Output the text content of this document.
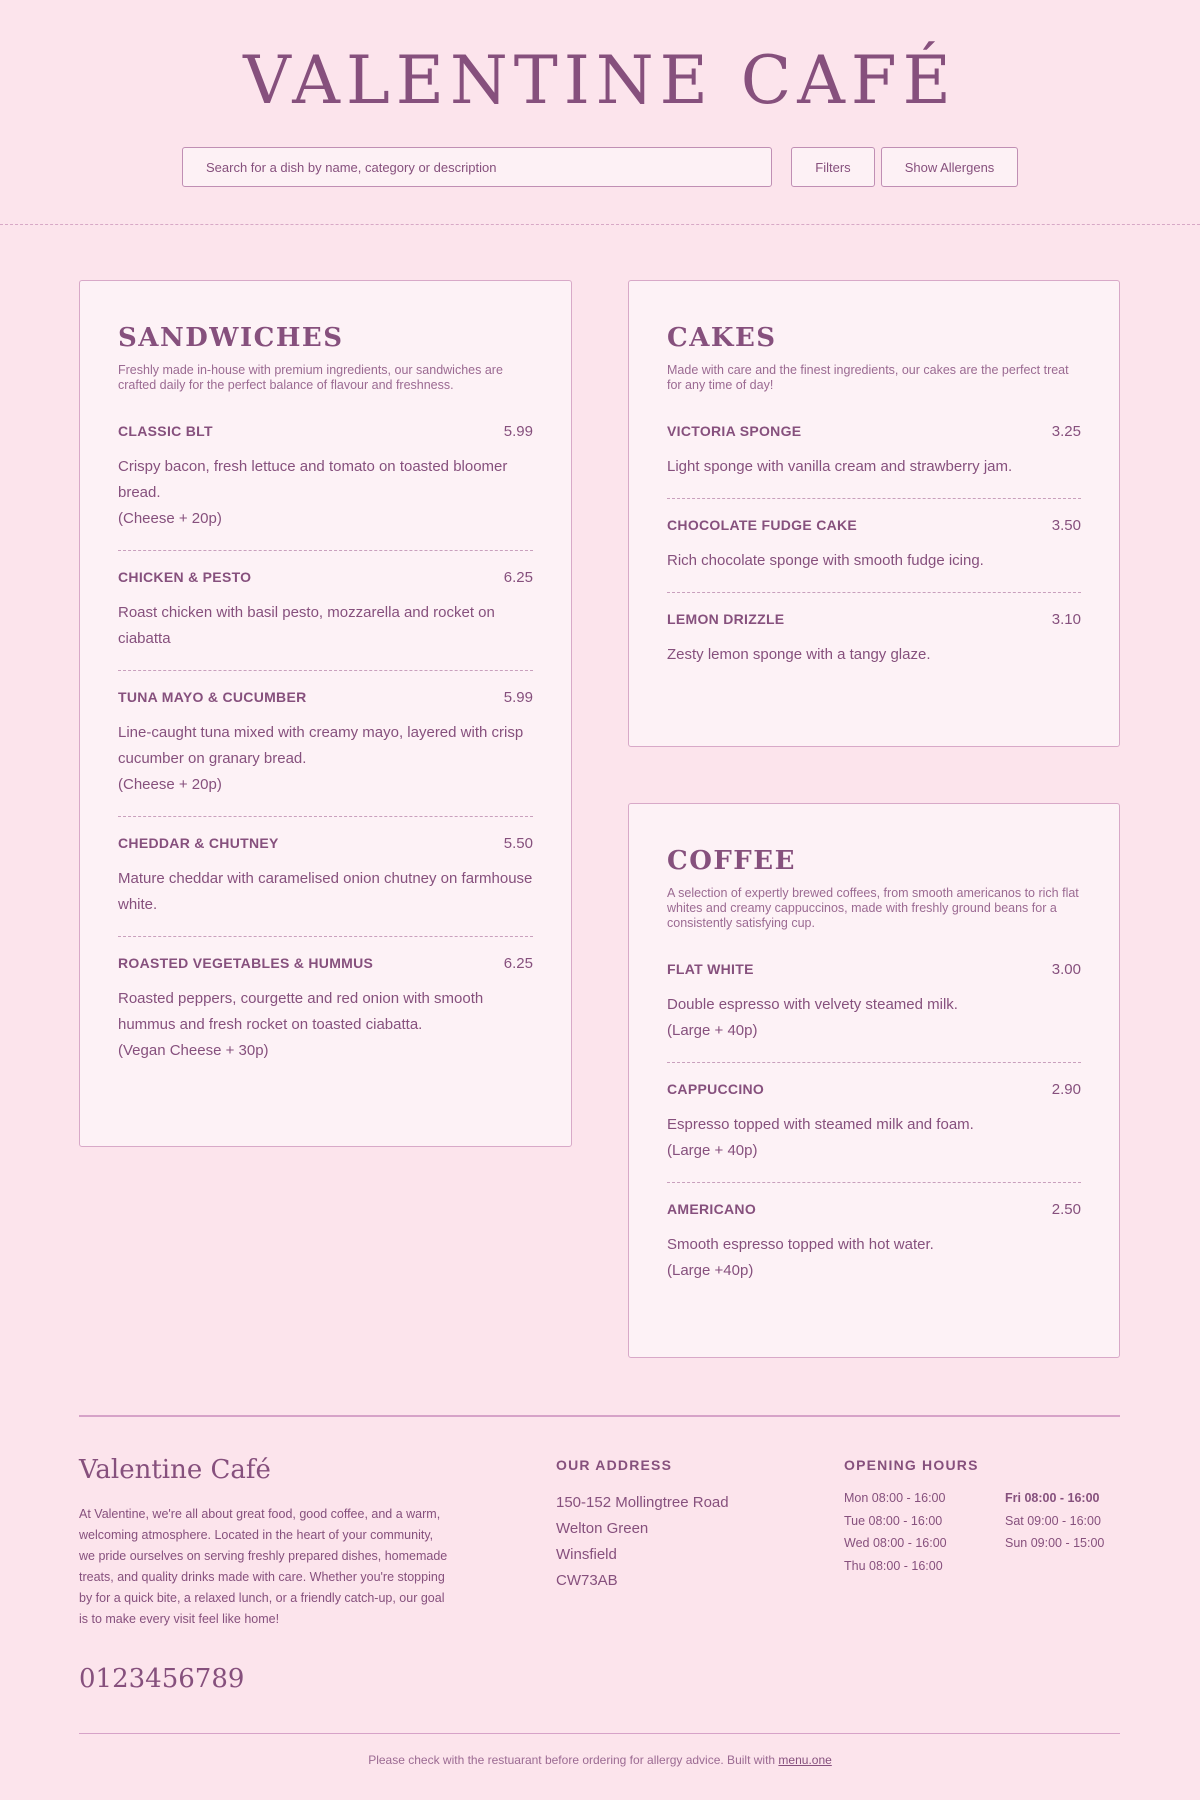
VALENTINE CAFÉ
Search for a dish by name, category or description
Filters	Show Allergens
SANDWICHES

Freshly made in-house with premium ingredients, our sandwiches are crafted daily for the perfect balance of flavour and freshness.

CLASSIC BLT	5.99

Crispy bacon, fresh lettuce and tomato on toasted bloomer bread.

(Cheese + 20p)

CHICKEN & PESTO	6.25

Roast chicken with basil pesto, mozzarella and rocket on ciabatta

TUNA MAYO & CUCUMBER	5.99

Line-caught tuna mixed with creamy mayo, layered with crisp cucumber on granary bread.

(Cheese + 20p)

CHEDDAR & CHUTNEY	5.50

Mature cheddar with caramelised onion chutney on farmhouse white.

ROASTED VEGETABLES & HUMMUS	6.25

Roasted peppers, courgette and red onion with smooth hummus and fresh rocket on toasted ciabatta.

(Vegan Cheese + 30p)

CAKES

Made with care and the finest ingredients, our cakes are the perfect treat for any time of day!

VICTORIA SPONGE	3.25

Light sponge with vanilla cream and strawberry jam.

CHOCOLATE FUDGE CAKE	3.50

Rich chocolate sponge with smooth fudge icing.

LEMON DRIZZLE	3.10

Zesty lemon sponge with a tangy glaze.

COFFEE

A selection of expertly brewed coffees, from smooth americanos to rich flat whites and creamy cappuccinos, made with freshly ground beans for a consistently satisfying cup.

FLAT WHITE	3.00

Double espresso with velvety steamed milk.

(Large + 40p)

CAPPUCCINO	2.90

Espresso topped with steamed milk and foam.

(Large + 40p)

AMERICANO	2.50

Smooth espresso topped with hot water.

(Large +40p)

Valentine Café

At Valentine, we're all about great food, good coffee, and a warm, welcoming atmosphere. Located in the heart of your community, we pride ourselves on serving freshly prepared dishes, homemade treats, and quality drinks made with care. Whether you're stopping by for a quick bite, a relaxed lunch, or a friendly catch-up, our goal is to make every visit feel like home!

0123456789
OUR ADDRESS
150-152 Mollingtree Road
Welton Green
Winsfield
CW73AB
OPENING HOURS
Mon 08:00 - 16:00
Tue 08:00 - 16:00
Wed 08:00 - 16:00
Thu 08:00 - 16:00
Fri 08:00 - 16:00
Sat 09:00 - 16:00
Sun 09:00 - 15:00

Please check with the restuarant before ordering for allergy advice. Built with menu.one
